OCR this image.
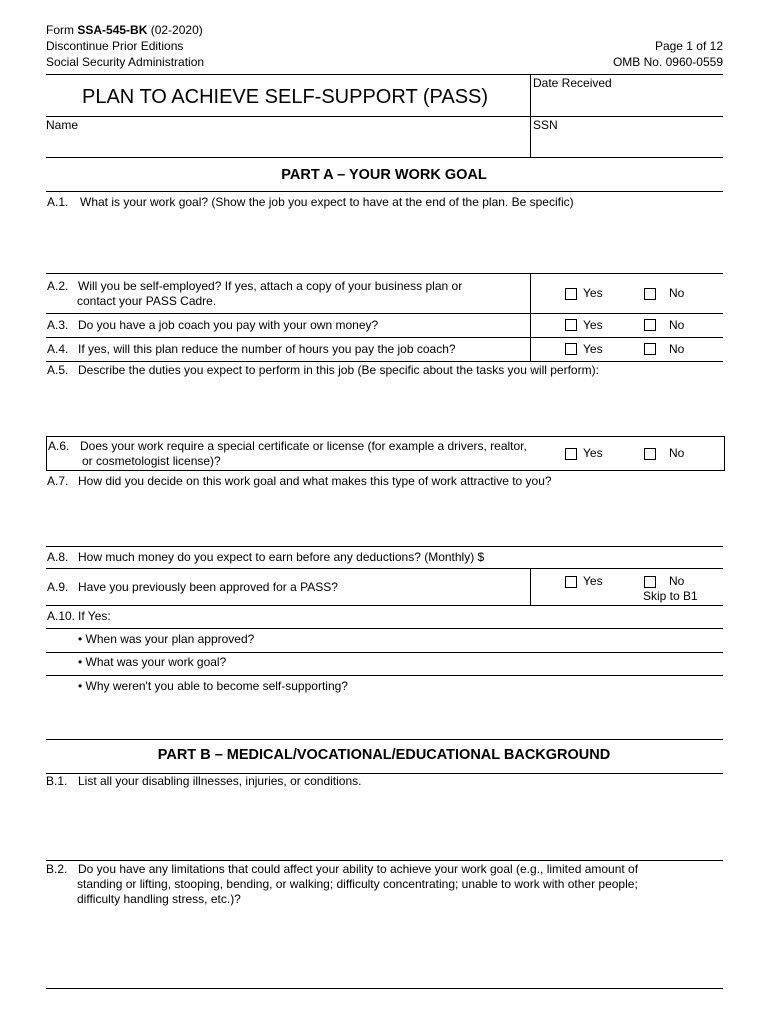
Form SSA-545-BK (02-2020)
Discontinue Prior Editions
Social Security Administration
Page 1 of 12
OMB No. 0960-0559
PLAN TO ACHIEVE SELF-SUPPORT (PASS)
Date Received
Name	SSN
PART A – YOUR WORK GOAL
A.1. What is your work goal? (Show the job you expect to have at the end of the plan. Be specific)
A.2. Will you be self-employed? If yes, attach a copy of your business plan or
contact your PASS Cadre.
Yes	No
A.3. Do you have a job coach you pay with your own money?	Yes	No
A.4. If yes, will this plan reduce the number of hours you pay the job coach?	Yes	No
A.5. Describe the duties you expect to perform in this job (Be specific about the tasks you will perform):
A.6. Does your work require a special certificate or license (for example a drivers, realtor,
or cosmetologist license)?
Yes	No
A.7. How did you decide on this work goal and what makes this type of work attractive to you?
A.8. How much money do you expect to earn before any deductions? (Monthly) $
A.9. Have you previously been approved for a PASS?	Yes	No
Skip to B1
A.10. If Yes:
• When was your plan approved?
• What was your work goal?
• Why weren't you able to become self-supporting?
PART B – MEDICAL/VOCATIONAL/EDUCATIONAL BACKGROUND
B.1. List all your disabling illnesses, injuries, or conditions.
B.2. Do you have any limitations that could affect your ability to achieve your work goal (e.g., limited amount of
standing or lifting, stooping, bending, or walking; difficulty concentrating; unable to work with other people;
difficulty handling stress, etc.)?
